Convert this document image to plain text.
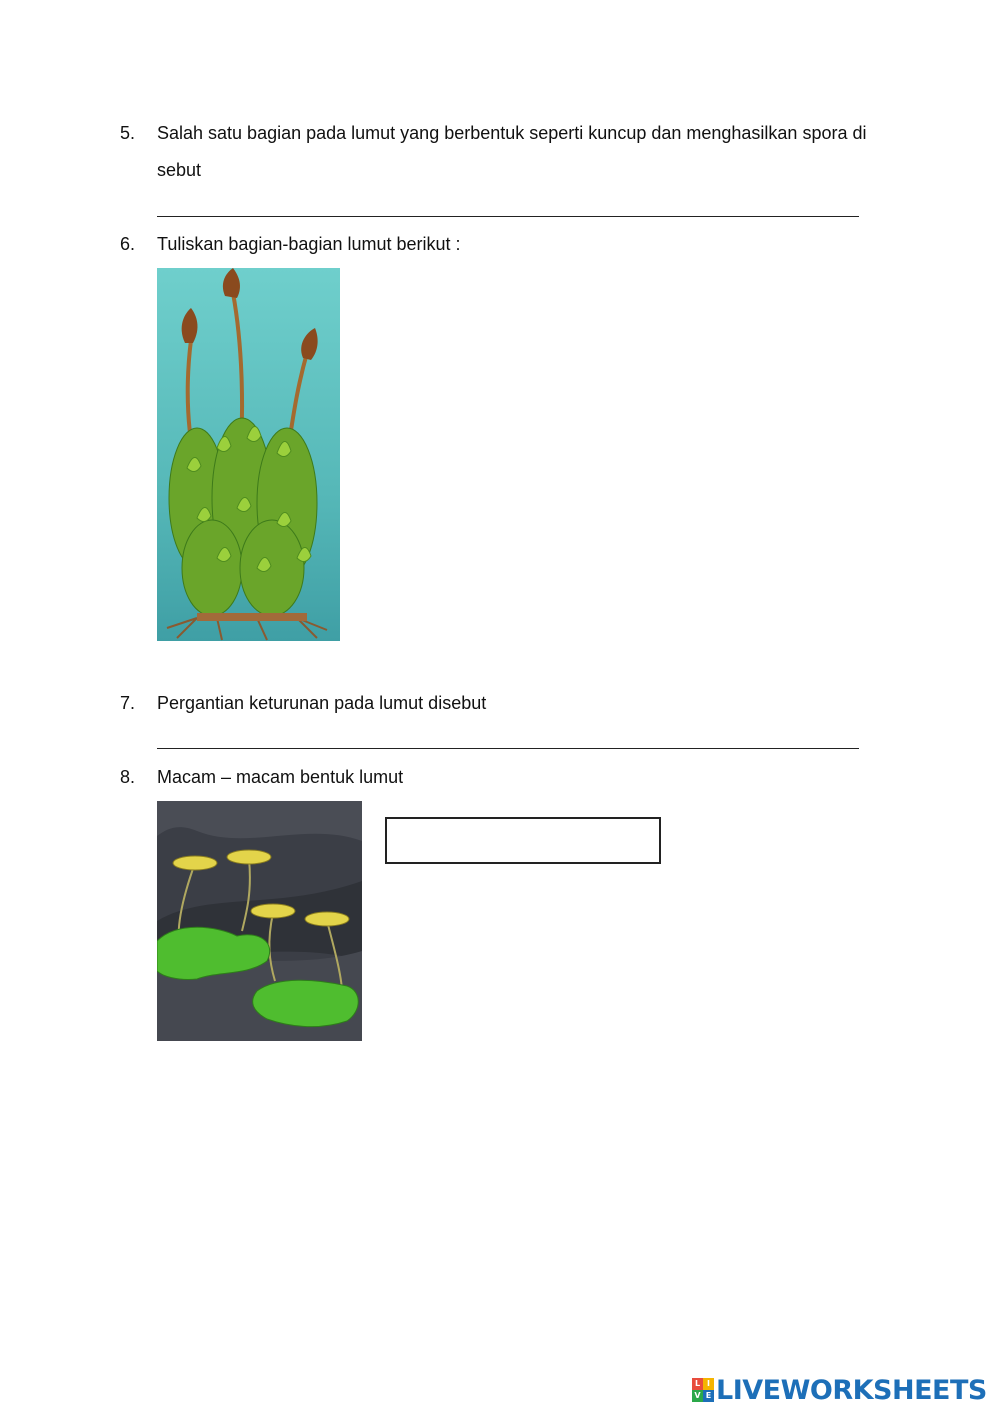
5.	Salah satu bagian pada lumut yang berbentuk seperti kuncup dan menghasilkan spora di
sebut
6.	Tuliskan bagian-bagian lumut berikut :
7.	Pergantian keturunan pada lumut disebut
8.	Macam – macam bentuk lumut
L I
V E LIVEWORKSHEETS
